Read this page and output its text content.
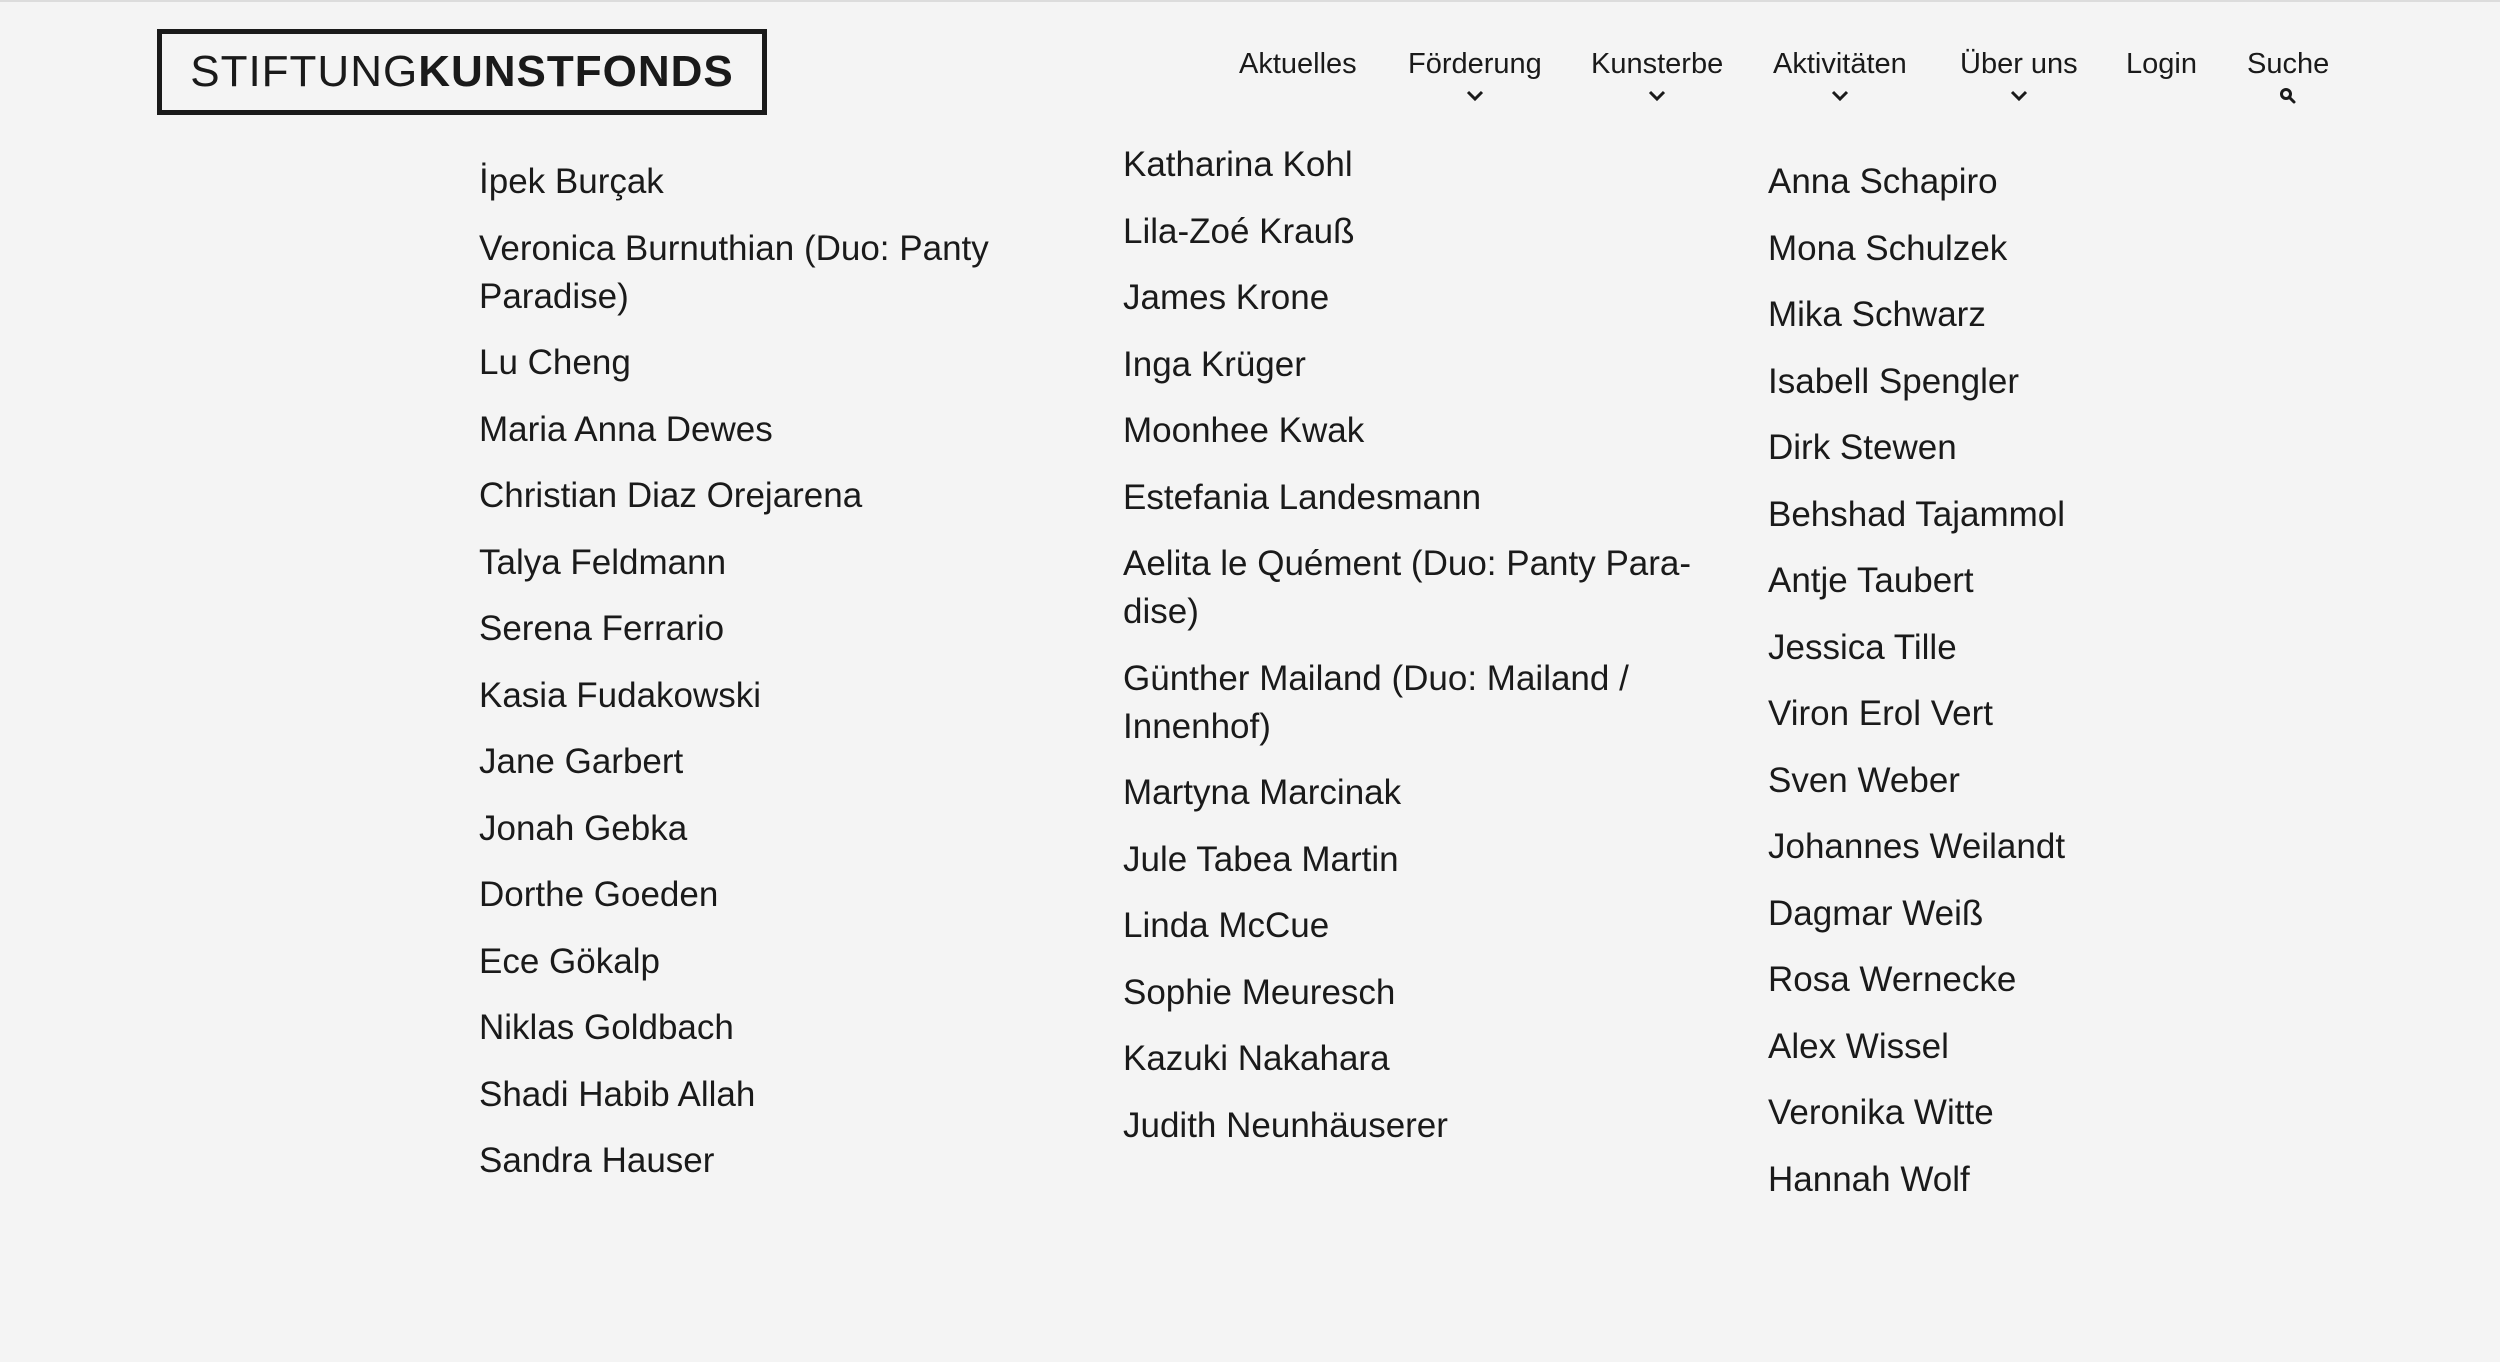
STIFTUNG KUNSTFONDS	Aktuelles Förderung Kunsterbe Aktivitäten Über uns Login Suche
İpek Burçak
Veronica Burnuthian (Duo: Panty Paradise)
Lu Cheng
Maria Anna Dewes
Christian Diaz Orejarena
Talya Feldmann
Serena Ferrario
Kasia Fudakowski
Jane Garbert
Jonah Gebka
Dorthe Goeden
Ece Gökalp
Niklas Goldbach
Shadi Habib Allah
Sandra Hauser
Katharina Kohl
Lila-Zoé Krauß
James Krone
Inga Krüger
Moonhee Kwak
Estefania Landesmann
Aelita le Quément (Duo: Panty Para-dise)
Günther Mailand (Duo: Mailand / Innenhof)
Martyna Marcinak
Jule Tabea Martin
Linda McCue
Sophie Meuresch
Kazuki Nakahara
Judith Neunhäuserer
Anna Schapiro
Mona Schulzek
Mika Schwarz
Isabell Spengler
Dirk Stewen
Behshad Tajammol
Antje Taubert
Jessica Tille
Viron Erol Vert
Sven Weber
Johannes Weilandt
Dagmar Weiß
Rosa Wernecke
Alex Wissel
Veronika Witte
Hannah Wolf
